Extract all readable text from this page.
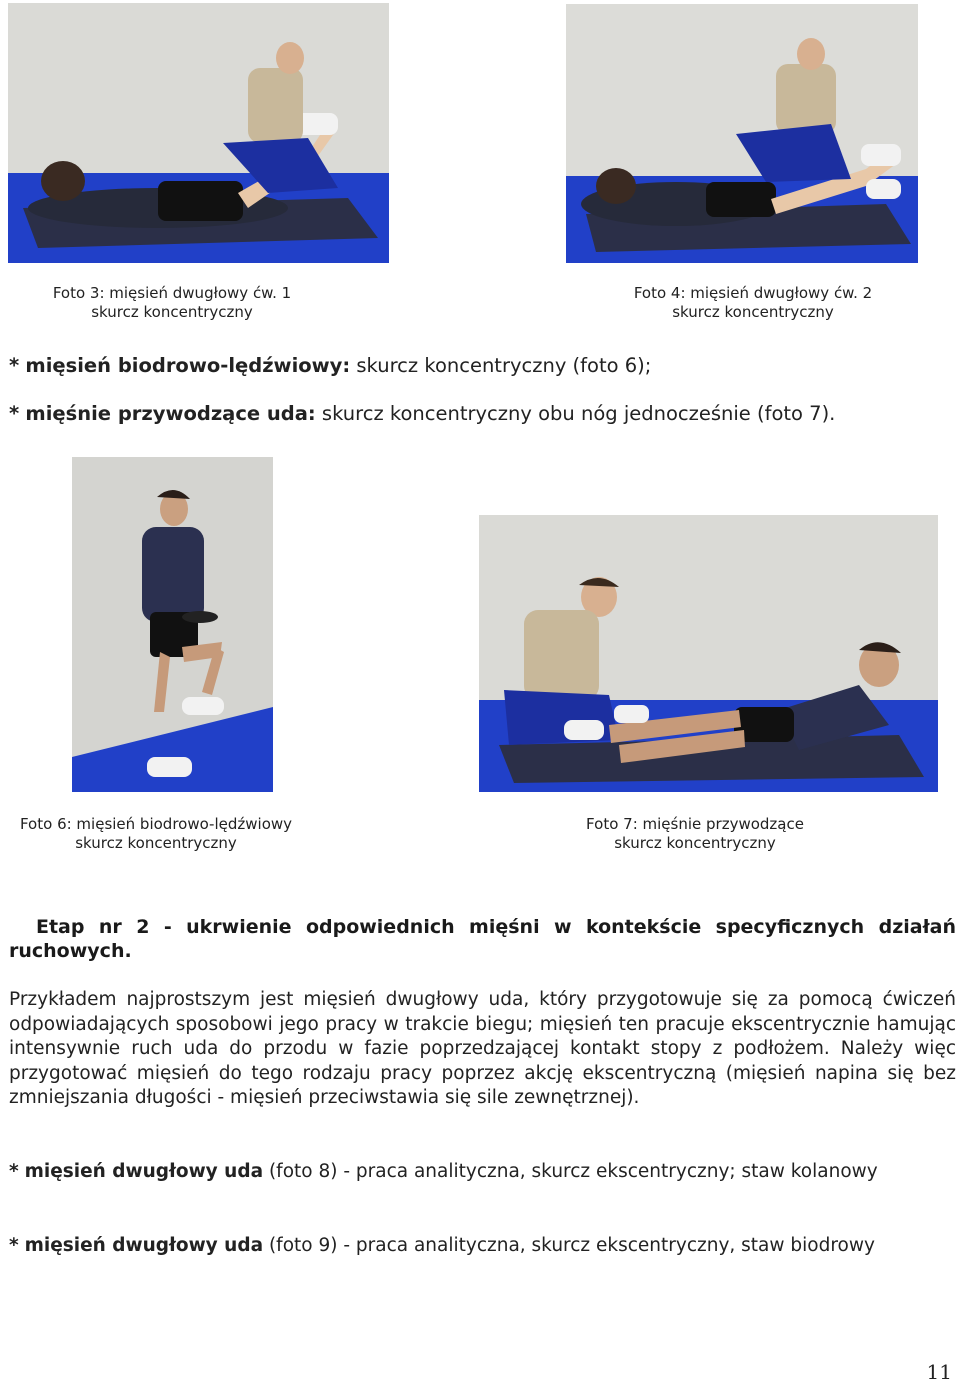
Foto 3: mięsień dwugłowy ćw. 1
skurcz koncentryczny
Foto 4: mięsień dwugłowy ćw. 2
skurcz koncentryczny
* mięsień biodrowo-lędźwiowy: skurcz koncentryczny (foto 6);
* mięśnie przywodzące uda: skurcz koncentryczny obu nóg jednocześnie (foto 7).
Foto 6: mięsień biodrowo-lędźwiowy
skurcz koncentryczny
Foto 7: mięśnie przywodzące
skurcz koncentryczny
Etap nr 2 - ukrwienie odpowiednich mięśni w kontekście specyficznych działań ruchowych.
Przykładem najprostszym jest mięsień dwugłowy uda, który przygotowuje się za pomocą ćwiczeń odpowiadających sposobowi jego pracy w trakcie biegu; mięsień ten pracuje ekscentrycznie hamując intensywnie ruch uda do przodu w fazie poprzedzającej kontakt stopy z podłożem. Należy więc przygotować mięsień do tego rodzaju pracy poprzez akcję ekscentryczną (mięsień napina się bez zmniejszania długości - mięsień przeciwstawia się sile zewnętrznej).
* mięsień dwugłowy uda (foto 8) - praca analityczna, skurcz ekscentryczny; staw kolanowy
* mięsień dwugłowy uda (foto 9) - praca analityczna, skurcz ekscentryczny, staw biodrowy
11
